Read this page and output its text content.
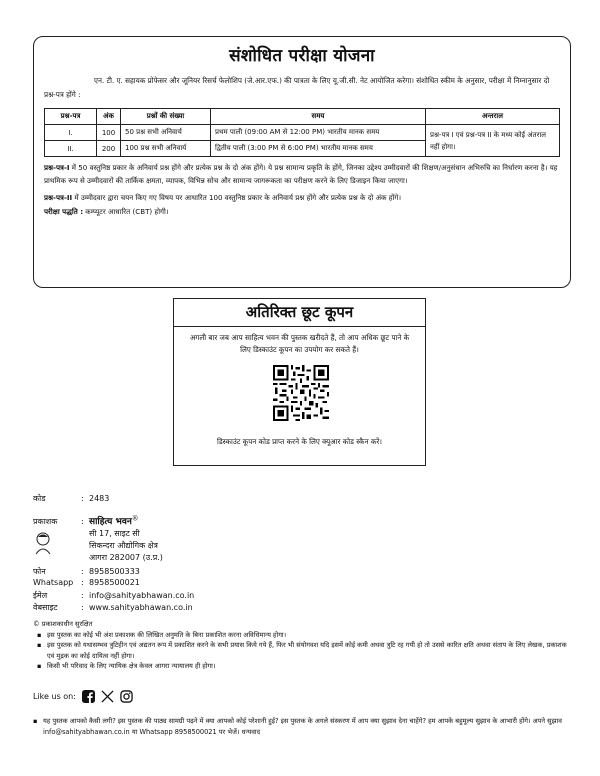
संशोधित परीक्षा योजना
एन. टी. ए. सहायक प्रोफेसर और जूनियर रिसर्च फेलोशिप (जे.आर.एफ.) की पात्रता के लिए यू.जी.सी. नेट आयोजित करेगा। संशोधित स्कीम के अनुसार, परीक्षा में निम्नानुसार दो प्रश्न-पत्र होंगे :
प्रश्न-पत्र	अंक	प्रश्नों की संख्या	समय	अन्तराल
I.	100	50 प्रश्न सभी अनिवार्य	प्रथम पाली (09:00 AM से 12:00 PM) भारतीय मानक समय	प्रश्न-पत्र I एवं प्रश्न-पत्र II के मध्य कोई अंतराल नहीं होगा।
II.	200	100 प्रश्न सभी अनिवार्य	द्वितीय पाली (3:00 PM से 6:00 PM) भारतीय मानक समय	
प्रश्न-पत्र-I में 50 वस्तुनिष्ठ प्रकार के अनिवार्य प्रश्न होंगे और प्रत्येक प्रश्न के दो अंक होंगे। ये प्रश्न सामान्य प्रकृति के होंगे, जिनका उद्देश्य उम्मीदवारों की शिक्षण/अनुसंधान अभिरुचि का निर्धारण करना है। यह प्राथमिक रूप से उम्मीदवारों की तार्किक क्षमता, व्यापक, विभिन्न सोच और सामान्य जागरूकता का परीक्षण करने के लिए डिजाइन किया जाएगा।
प्रश्न-पत्र-II में उम्मीदवार द्वारा चयन किए गए विषय पर आधारित 100 वस्तुनिष्ठ प्रकार के अनिवार्य प्रश्न होंगे और प्रत्येक प्रश्न के दो अंक होंगे।
परीक्षा पद्धति : कम्प्यूटर आधारित (CBT) होगी।
अतिरिक्त छूट कूपन
अगली बार जब आप साहित्य भवन की पुस्तक खरीदते हैं, तो आप अधिक छूट पाने के लिए डिस्काउंट कूपन का उपयोग कर सकते हैं।
डिस्काउंट कूपन कोड प्राप्त करने के लिए क्यूआर कोड स्कैन करें।
कोड	: 2483
प्रकाशक	: साहित्य भवन®
सी 17, साइट सी
सिकन्दरा औद्योगिक क्षेत्र
आगरा 282007 (उ.प्र.)
फोन	: 8958500333
Whatsapp : 8958500021
ईमेल	: info@sahityabhawan.co.in
वेबसाइट	: www.sahityabhawan.co.in
© प्रकाशकाधीन सुरक्षित
▪ इस पुस्तक का कोई भी अंश प्रकाशक की लिखित अनुमति के बिना प्रकाशित करना अविधिमान्य होगा।
▪ इस पुस्तक को यथासम्भव त्रुटिहीन एवं अद्यतन रूप में प्रकाशित करने के सभी प्रयास किये गये हैं, फिर भी संयोगवश यदि इसमें कोई कमी अथवा त्रुटि रह गयी हो तो उससे कारित क्षति अथवा संताप के लिए लेखक, प्रकाशक एवं मुद्रक का कोई दायित्व नहीं होगा।
▪ किसी भी परिवाद के लिए न्यायिक क्षेत्र केवल आगरा न्यायालय ही होगा।
Like us on:
▪ यह पुस्तक आपको कैसी लगी? इस पुस्तक की पाठ्य सामग्री पढ़ने में क्या आपको कोई परेशानी हुई? इस पुस्तक के अगले संस्करण में आप क्या सुझाव देना चाहेंगे? हम आपके बहुमूल्य सुझाव के आभारी होंगे। अपने सुझाव info@sahityabhawan.co.in या Whatsapp 8958500021 पर भेजें। धन्यवाद
